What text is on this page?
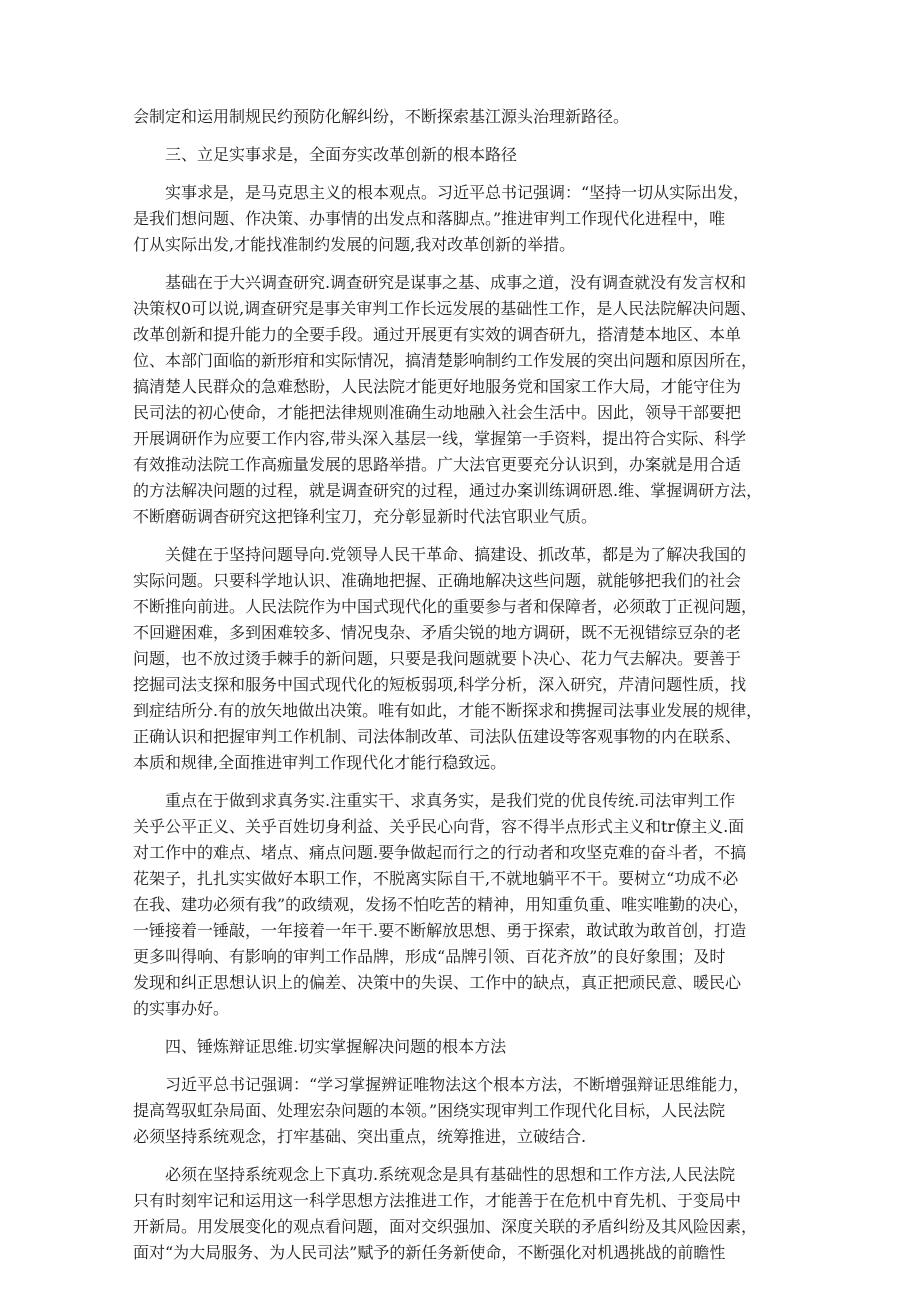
会制定和运用制规民约预防化解纠纷，不断探索基江源头治理新路径。

三、立足实事求是，全面夯实改革创新的根本路径

实事求是，是马克思主义的根本观点。习近平总书记强调：“坚持一切从实际出发，
是我们想问题、作决策、办事情的出发点和落脚点。”推进审判工作现代化进程中，唯
仃从实际出发,才能找准制约发展的问题,我对改革创新的举措。

基础在于大兴调查研究.调查研究是谋事之基、成事之道，没有调查就没有发言权和
决策权0可以说,调查研究是事关审判工作长远发展的基础性工作，是人民法院解决问题、
改革创新和提升能力的全要手段。通过开展更有实效的调杳研九，搭清楚本地区、本单
位、本部门面临的新形疳和实际情况，搞清楚影响制约工作发展的突出问题和原因所在，
搞清楚人民群众的急难愁盼，人民法院才能更好地服务党和国家工作大局，才能守住为
民司法的初心使命，才能把法律规则准确生动地融入社会生活中。因此，领导干部要把
开展调研作为应要工作内容,带头深入基层一线，掌握第一手资料，提出符合实际、科学
有效推动法院工作高痂量发展的思路举措。广大法官更要充分认识到，办案就是用合适
的方法解决问题的过程，就是调查研究的过程，通过办案训练调研恩.维、掌握调研方法，
不断磨砺调杳研究这把锋利宝刀，充分彰显新时代法官职业气质。

关健在于坚持问题导向.党领导人民干革命、搞建设、抓改革，都是为了解决我国的
实际问题。只要科学地认识、准确地把握、正确地解决这些问题，就能够把我们的社会
不断推向前进。人民法院作为中国式现代化的重要参与者和保障者，必须敢丁正视问题，
不回避困难，多到困难较多、情况曳杂、矛盾尖锐的地方调研，既不无视错综豆杂的老
问题，也不放过烫手棘手的新问题，只要是我问题就要卜决心、花力气去解决。要善于
挖掘司法支探和服务中国式现代化的短板弱项,科学分析，深入研究，芹清问题性质，找
到症结所分.有的放矢地做出决策。唯有如此，才能不断探求和携握司法事业发展的规律，
正确认识和把握审判工作机制、司法体制改革、司法队伍建设等客观事物的内在联系、
本质和规律,全面推进审判工作现代化才能行稳致远。

重点在于做到求真务实.注重实干、求真务实，是我们党的优良传统.司法审判工作
关乎公平正义、关乎百姓切身利益、关乎民心向背，容不得半点形式主义和tr僚主义.面
对工作中的难点、堵点、痛点问题.要争做起而行之的行动者和攻坚克难的奋斗者，不搞
花架子，扎扎实实做好本职工作，不脱离实际自干,不就地躺平不干。要树立“功成不必
在我、建功必须有我”的政绩观，发扬不怕吃苦的精神，用知重负重、唯实唯勤的决心，
一锤接着一锤敲，一年接着一年干.要不断解放思想、勇于探索，敢试敢为敢首创，打造
更多叫得响、有影响的审判工作品牌，形成“品牌引领、百花齐放”的良好象围；及时
发现和纠正思想认识上的偏差、决策中的失误、工作中的缺点，真正把顽民意、暖民心
的实事办好。

四、锤炼辩证思维.切实掌握解决问题的根本方法

习近平总书记强调：“学习掌握辨证唯物法这个根本方法，不断增强辩证思维能力，
提高驾驭虹杂局面、处理宏杂问题的本领。”困绕实现审判工作现代化目标，人民法院
必须坚持系统观念，打牢基础、突出重点，统筹推进，立破结合.

必须在坚持系统观念上下真功.系统观念是具有基础性的思想和工作方法,人民法院
只有时刻牢记和运用这一科学思想方法推进工作，才能善于在危机中育先机、于变局中
开新局。用发展变化的观点看问题，面对交织强加、深度关联的矛盾纠纷及其风险因素，
面对“为大局服务、为人民司法”赋予的新任务新使命，不断强化对机遇挑战的前瞻性
